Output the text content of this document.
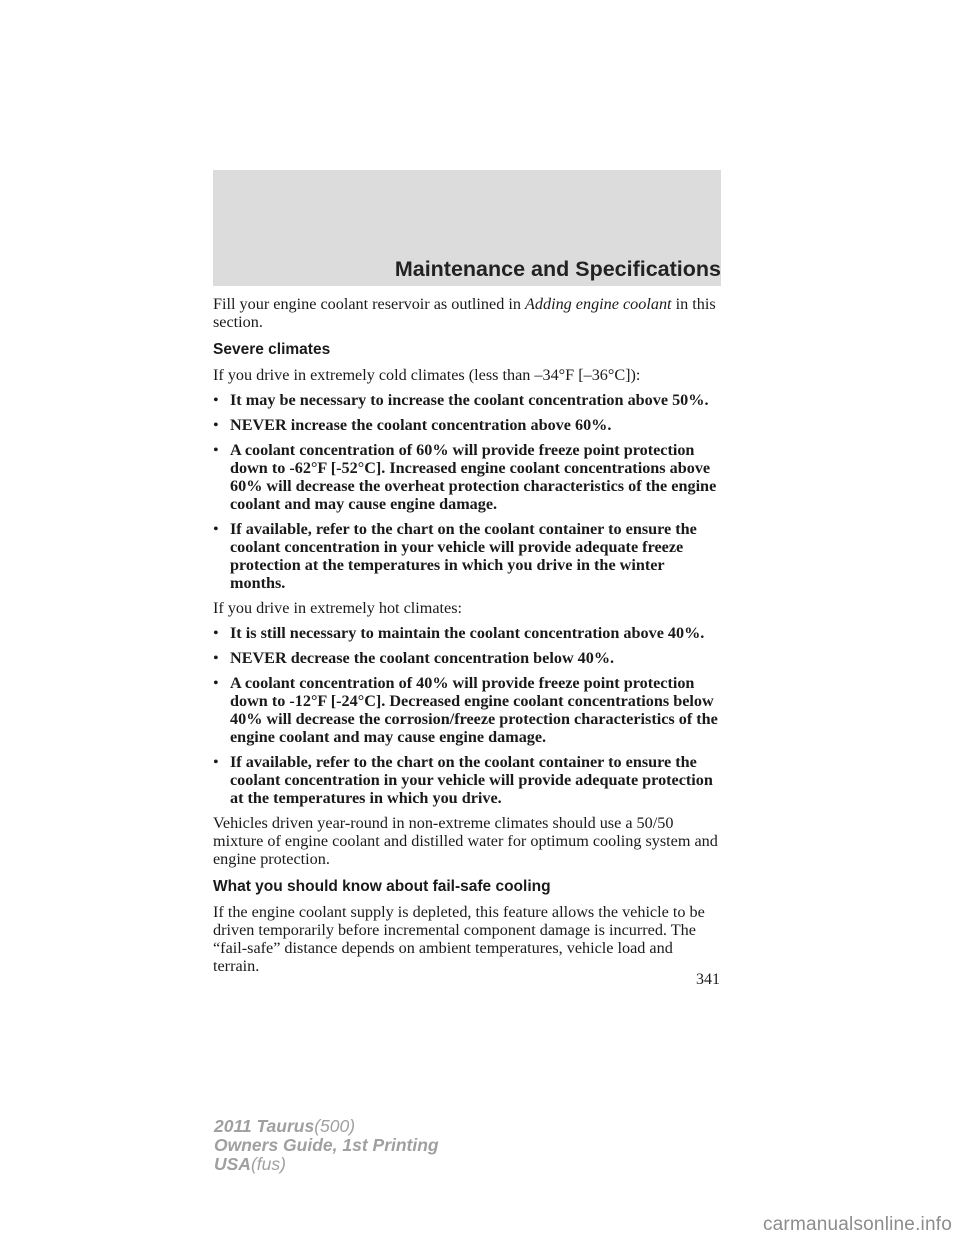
Maintenance and Specifications

Fill your engine coolant reservoir as outlined in Adding engine coolant in this section.

Severe climates

If you drive in extremely cold climates (less than –34°F [–36°C]):

• It may be necessary to increase the coolant concentration above 50%.
• NEVER increase the coolant concentration above 60%.
• A coolant concentration of 60% will provide freeze point protection down to -62°F [-52°C]. Increased engine coolant concentrations above 60% will decrease the overheat protection characteristics of the engine coolant and may cause engine damage.
• If available, refer to the chart on the coolant container to ensure the coolant concentration in your vehicle will provide adequate freeze protection at the temperatures in which you drive in the winter months.

If you drive in extremely hot climates:

• It is still necessary to maintain the coolant concentration above 40%.
• NEVER decrease the coolant concentration below 40%.
• A coolant concentration of 40% will provide freeze point protection down to -12°F [-24°C]. Decreased engine coolant concentrations below 40% will decrease the corrosion/freeze protection characteristics of the engine coolant and may cause engine damage.
• If available, refer to the chart on the coolant container to ensure the coolant concentration in your vehicle will provide adequate protection at the temperatures in which you drive.

Vehicles driven year-round in non-extreme climates should use a 50/50 mixture of engine coolant and distilled water for optimum cooling system and engine protection.

What you should know about fail-safe cooling

If the engine coolant supply is depleted, this feature allows the vehicle to be driven temporarily before incremental component damage is incurred. The “fail-safe” distance depends on ambient temperatures, vehicle load and terrain.

341
2011 Taurus(500)
Owners Guide, 1st Printing
USA(fus)
carmanualsonline.info
